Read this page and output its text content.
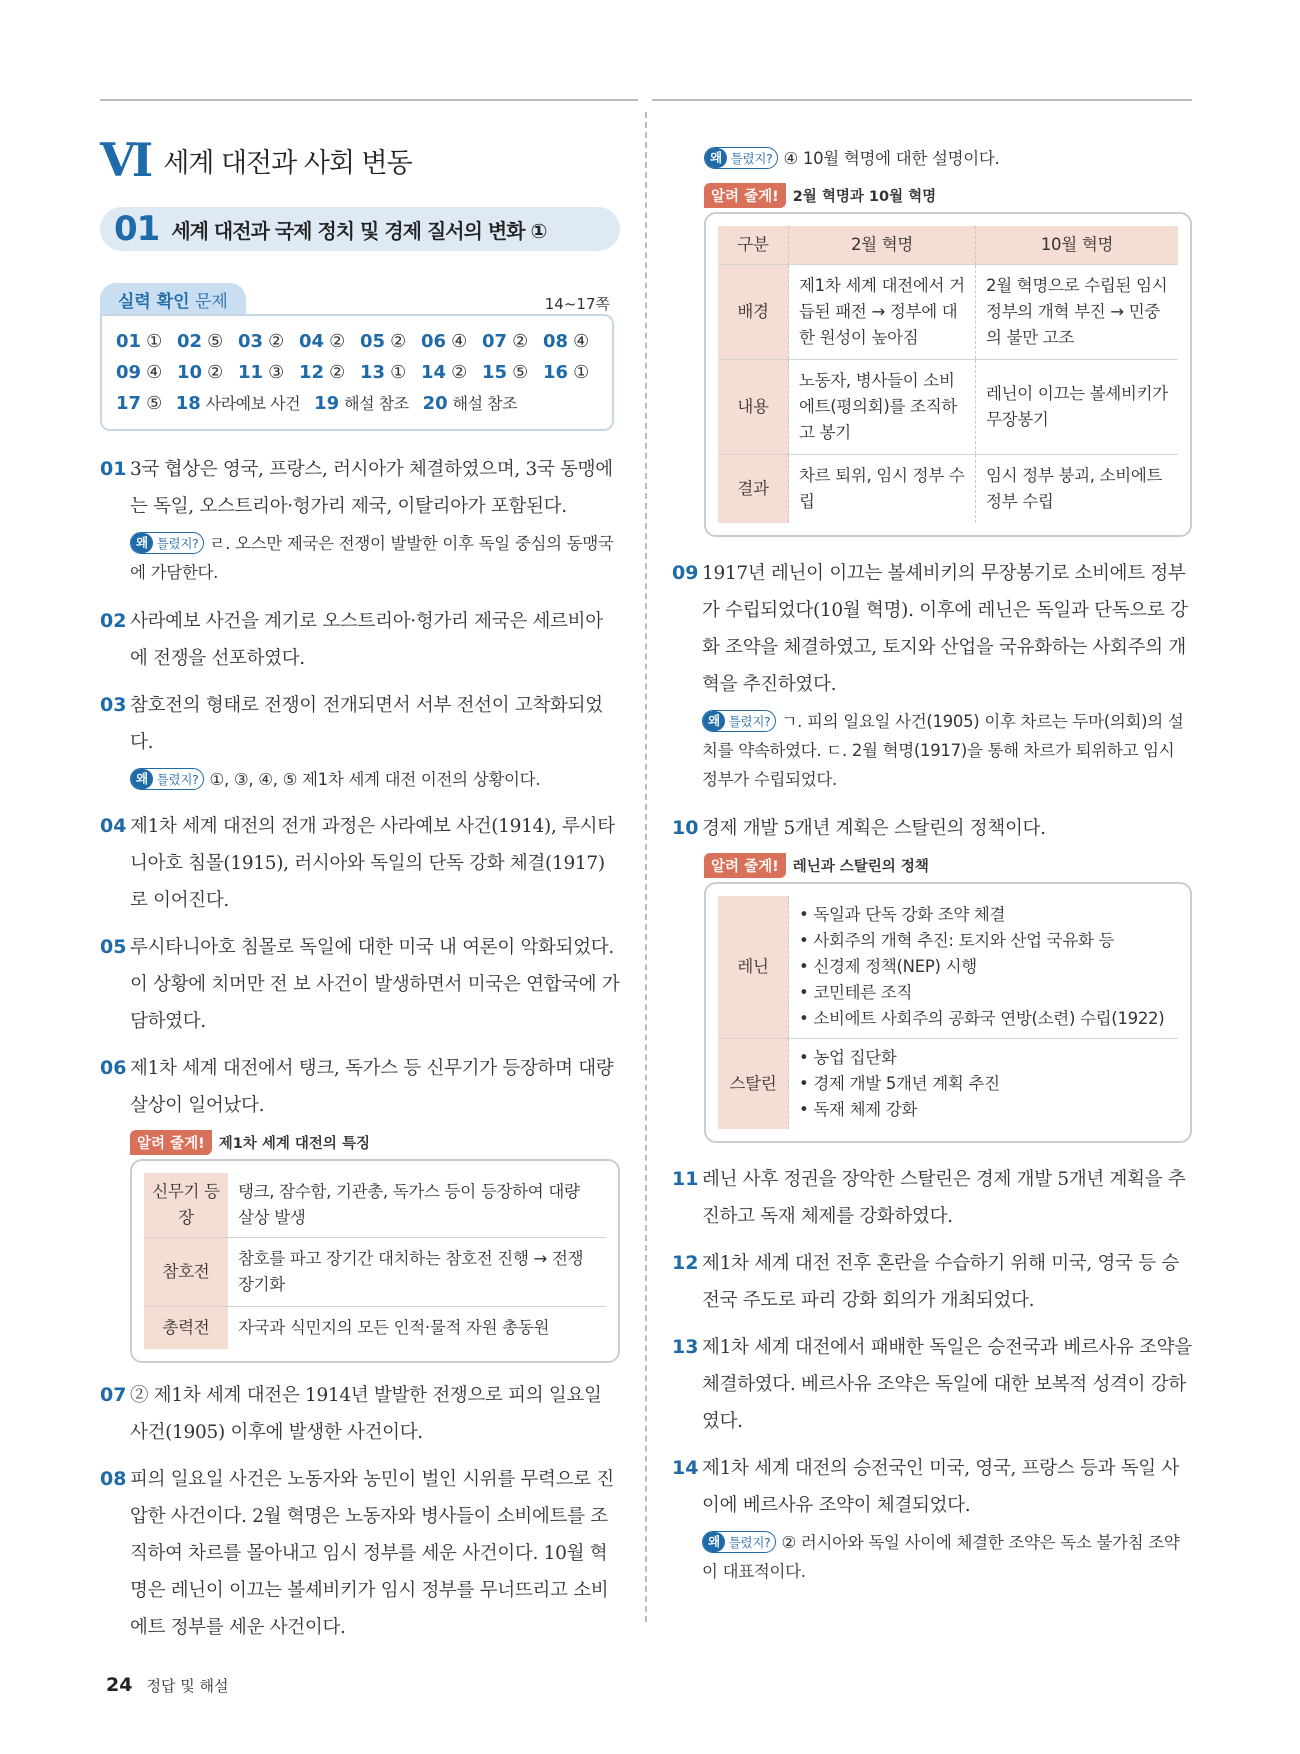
VI 세계 대전과 사회 변동
01 세계 대전과 국제 정치 및 경제 질서의 변화 ①
실력 확인 문제	14~17쪽
01 ① 02 ⑤ 03 ② 04 ② 05 ② 06 ④ 07 ② 08 ④
09 ④ 10 ② 11 ③ 12 ② 13 ① 14 ② 15 ⑤ 16 ①
17 ⑤ 18 사라예보 사건 19 해설 참조 20 해설 참조
01 3국 협상은 영국, 프랑스, 러시아가 체결하였으며, 3국 동맹에는 독일, 오스트리아·헝가리 제국, 이탈리아가 포함된다.
왜 틀렸지? ㄹ. 오스만 제국은 전쟁이 발발한 이후 독일 중심의 동맹국에 가담한다.
02 사라예보 사건을 계기로 오스트리아·헝가리 제국은 세르비아에 전쟁을 선포하였다.
03 참호전의 형태로 전쟁이 전개되면서 서부 전선이 고착화되었다.
왜 틀렸지? ①, ③, ④, ⑤ 제1차 세계 대전 이전의 상황이다.
04 제1차 세계 대전의 전개 과정은 사라예보 사건(1914), 루시타니아호 침몰(1915), 러시아와 독일의 단독 강화 체결(1917)로 이어진다.
05 루시타니아호 침몰로 독일에 대한 미국 내 여론이 악화되었다. 이 상황에 치머만 전 보 사건이 발생하면서 미국은 연합국에 가담하였다.
06 제1차 세계 대전에서 탱크, 독가스 등 신무기가 등장하며 대량 살상이 일어났다.
알려 줄게! 제1차 세계 대전의 특징
신무기 등장	탱크, 잠수함, 기관총, 독가스 등이 등장하여 대량 살상 발생
참호전	참호를 파고 장기간 대치하는 참호전 진행 → 전쟁 장기화
총력전	자국과 식민지의 모든 인적·물적 자원 총동원
07 ② 제1차 세계 대전은 1914년 발발한 전쟁으로 피의 일요일 사건(1905) 이후에 발생한 사건이다.
08 피의 일요일 사건은 노동자와 농민이 벌인 시위를 무력으로 진압한 사건이다. 2월 혁명은 노동자와 병사들이 소비에트를 조직하여 차르를 몰아내고 임시 정부를 세운 사건이다. 10월 혁명은 레닌이 이끄는 볼셰비키가 임시 정부를 무너뜨리고 소비에트 정부를 세운 사건이다.
왜 틀렸지? ④ 10월 혁명에 대한 설명이다.
알려 줄게! 2월 혁명과 10월 혁명
구분	2월 혁명	10월 혁명
배경	제1차 세계 대전에서 거듭된 패전 → 정부에 대한 원성이 높아짐	2월 혁명으로 수립된 임시 정부의 개혁 부진 → 민중의 불만 고조
내용	노동자, 병사들이 소비에트(평의회)를 조직하고 봉기	레닌이 이끄는 볼셰비키가 무장봉기
결과	차르 퇴위, 임시 정부 수립	임시 정부 붕괴, 소비에트 정부 수립
09 1917년 레닌이 이끄는 볼셰비키의 무장봉기로 소비에트 정부가 수립되었다(10월 혁명). 이후에 레닌은 독일과 단독으로 강화 조약을 체결하였고, 토지와 산업을 국유화하는 사회주의 개혁을 추진하였다.
왜 틀렸지? ㄱ. 피의 일요일 사건(1905) 이후 차르는 두마(의회)의 설치를 약속하였다. ㄷ. 2월 혁명(1917)을 통해 차르가 퇴위하고 임시 정부가 수립되었다.
10 경제 개발 5개년 계획은 스탈린의 정책이다.
알려 줄게! 레닌과 스탈린의 정책
레닌	• 독일과 단독 강화 조약 체결
• 사회주의 개혁 추진: 토지와 산업 국유화 등
• 신경제 정책(NEP) 시행
• 코민테른 조직
• 소비에트 사회주의 공화국 연방(소련) 수립(1922)

스탈린	• 농업 집단화
• 경제 개발 5개년 계획 추진
• 독재 체제 강화
11 레닌 사후 정권을 장악한 스탈린은 경제 개발 5개년 계획을 추진하고 독재 체제를 강화하였다.
12 제1차 세계 대전 전후 혼란을 수습하기 위해 미국, 영국 등 승전국 주도로 파리 강화 회의가 개최되었다.
13 제1차 세계 대전에서 패배한 독일은 승전국과 베르사유 조약을 체결하였다. 베르사유 조약은 독일에 대한 보복적 성격이 강하였다.
14 제1차 세계 대전의 승전국인 미국, 영국, 프랑스 등과 독일 사이에 베르사유 조약이 체결되었다.
왜 틀렸지? ② 러시아와 독일 사이에 체결한 조약은 독소 불가침 조약이 대표적이다.
24 정답 및 해설
